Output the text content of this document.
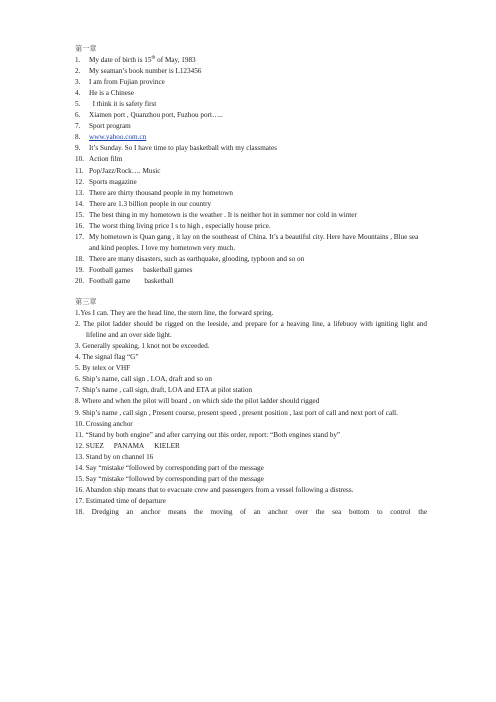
第一章
1. My date of birth is 15th of May, 1983
2. My seaman’s book number is L123456
3. I am from Fujian province
4. He is a Chinese
5.  I think it is safety first
6. Xiamen port , Quanzhou port, Fuzhou port…..
7. Sport program
8. www.yahoo.com.cn
9. It’s Sunday. So I have time to play basketball with my classmates
10. Action film
11. Pop/Jazz/Rock…. Music
12. Sports magazine
13. There are thirty thousand people in my hometown
14. There are 1.3 billion people in our country
15. The best thing in my hometown is the weather . It is neither hot in summer nor cold in winter
16. The worst thing living price I s to high , especially house price.
17. My hometown is Quan gang , it lay on the southeast of China. It’s a beautiful city. Here have Mountains , Blue sea and kind peoples. I love my hometown very much.
18. There are many disasters, such as earthquake, glooding, typhoon and so on
19. Football games basketball games
20. Football game basketball
第三章
1.Yes I can. They are the head line, the stern line, the forward spring.
2. The pilot ladder should be rigged on the leeside, and prepare for a heaving line, a lifebuoy with igniting light and lifeline and an over side light.
3. Generally speaking, 1 knot not be exceeded.
4. The signal flag “G”
5. By telex or VHF
6. Ship’s name, call sign , LOA, draft and so on
7. Ship’s name , call sign, draft, LOA and ETA at pilot station
8. Where and when the pilot will board , on which side the pilot ladder should rigged
9. Ship’s name , call sign , Present course, present speed , present position , last port of call and next port of call.
10. Crossing anchor
11. “Stand by both engine” and after carrying out this order, report: “Both engines stand by”
12. SUEZ PANAMA KIELER
13. Stand by on channel 16
14. Say “mistake “followed by corresponding part of the message
15. Say “mistake “followed by corresponding part of the message
16. Abandon ship means that to evacuate crew and passengers from a vessel following a distress.
17. Estimated time of departure
18. Dredging an anchor means the moving of an anchor over the sea bottom to control the
